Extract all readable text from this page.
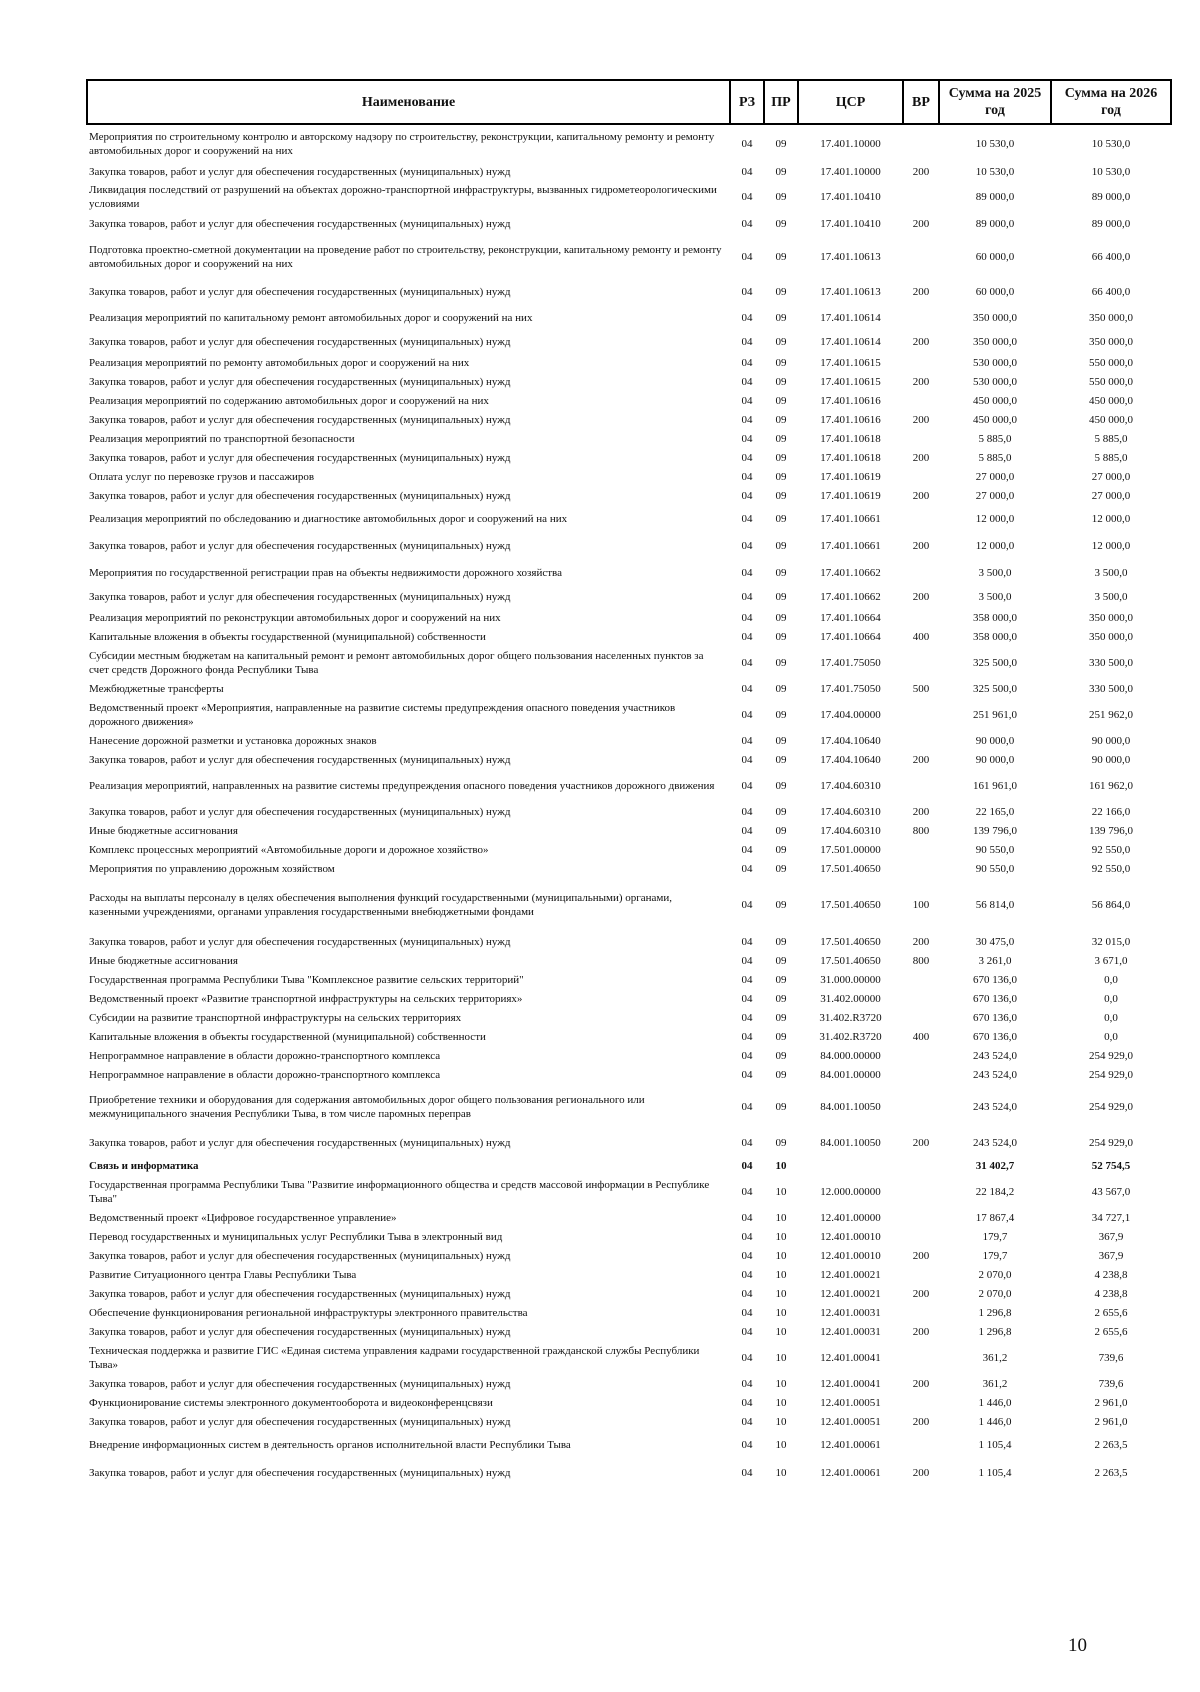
Наименование	РЗ	ПР	ЦСР	ВР	Сумма на 2025 год	Сумма на 2026 год
Мероприятия по строительному контролю и авторскому надзору по строительству, реконструкции, капитальному ремонту и ремонту автомобильных дорог и сооружений на них	04	09	17.401.10000		10 530,0	10 530,0
Закупка товаров, работ и услуг для обеспечения государственных (муниципальных) нужд	04	09	17.401.10000	200	10 530,0	10 530,0
Ликвидация последствий от разрушений на объектах дорожно-транспортной инфраструктуры, вызванных гидрометеорологическими условиями	04	09	17.401.10410		89 000,0	89 000,0
Закупка товаров, работ и услуг для обеспечения государственных (муниципальных) нужд	04	09	17.401.10410	200	89 000,0	89 000,0
Подготовка проектно-сметной документации на проведение работ по строительству, реконструкции, капитальному ремонту и ремонту автомобильных дорог и сооружений на них	04	09	17.401.10613		60 000,0	66 400,0
Закупка товаров, работ и услуг для обеспечения государственных (муниципальных) нужд	04	09	17.401.10613	200	60 000,0	66 400,0
Реализация мероприятий по капитальному ремонт автомобильных дорог и сооружений на них	04	09	17.401.10614		350 000,0	350 000,0
Закупка товаров, работ и услуг для обеспечения государственных (муниципальных) нужд	04	09	17.401.10614	200	350 000,0	350 000,0
Реализация мероприятий по ремонту автомобильных дорог и сооружений на них	04	09	17.401.10615		530 000,0	550 000,0
Закупка товаров, работ и услуг для обеспечения государственных (муниципальных) нужд	04	09	17.401.10615	200	530 000,0	550 000,0
Реализация мероприятий по содержанию автомобильных дорог и сооружений на них	04	09	17.401.10616		450 000,0	450 000,0
Закупка товаров, работ и услуг для обеспечения государственных (муниципальных) нужд	04	09	17.401.10616	200	450 000,0	450 000,0
Реализация мероприятий по транспортной безопасности	04	09	17.401.10618		5 885,0	5 885,0
Закупка товаров, работ и услуг для обеспечения государственных (муниципальных) нужд	04	09	17.401.10618	200	5 885,0	5 885,0
Оплата услуг по перевозке грузов и пассажиров	04	09	17.401.10619		27 000,0	27 000,0
Закупка товаров, работ и услуг для обеспечения государственных (муниципальных) нужд	04	09	17.401.10619	200	27 000,0	27 000,0
Реализация мероприятий по обследованию и диагностике автомобильных дорог и сооружений на них	04	09	17.401.10661		12 000,0	12 000,0
Закупка товаров, работ и услуг для обеспечения государственных (муниципальных) нужд	04	09	17.401.10661	200	12 000,0	12 000,0
Мероприятия по государственной регистрации прав на объекты недвижимости дорожного хозяйства	04	09	17.401.10662		3 500,0	3 500,0
Закупка товаров, работ и услуг для обеспечения государственных (муниципальных) нужд	04	09	17.401.10662	200	3 500,0	3 500,0
Реализация мероприятий по реконструкции автомобильных дорог и сооружений на них	04	09	17.401.10664		358 000,0	350 000,0
Капитальные вложения в объекты государственной (муниципальной) собственности	04	09	17.401.10664	400	358 000,0	350 000,0
Субсидии местным бюджетам на капитальный ремонт и ремонт автомобильных дорог общего пользования населенных пунктов за счет средств Дорожного фонда Республики Тыва	04	09	17.401.75050		325 500,0	330 500,0
Межбюджетные трансферты	04	09	17.401.75050	500	325 500,0	330 500,0
Ведомственный проект «Мероприятия, направленные на развитие системы предупреждения опасного поведения участников дорожного движения»	04	09	17.404.00000		251 961,0	251 962,0
Нанесение дорожной разметки и установка дорожных знаков	04	09	17.404.10640		90 000,0	90 000,0
Закупка товаров, работ и услуг для обеспечения государственных (муниципальных) нужд	04	09	17.404.10640	200	90 000,0	90 000,0
Реализация мероприятий, направленных на развитие системы предупреждения опасного поведения участников дорожного движения	04	09	17.404.60310		161 961,0	161 962,0
Закупка товаров, работ и услуг для обеспечения государственных (муниципальных) нужд	04	09	17.404.60310	200	22 165,0	22 166,0
Иные бюджетные ассигнования	04	09	17.404.60310	800	139 796,0	139 796,0
Комплекс процессных мероприятий «Автомобильные дороги и дорожное хозяйство»	04	09	17.501.00000		90 550,0	92 550,0
Мероприятия по управлению дорожным хозяйством	04	09	17.501.40650		90 550,0	92 550,0
Расходы на выплаты персоналу в целях обеспечения выполнения функций государственными (муниципальными) органами, казенными учреждениями, органами управления государственными внебюджетными фондами	04	09	17.501.40650	100	56 814,0	56 864,0
Закупка товаров, работ и услуг для обеспечения государственных (муниципальных) нужд	04	09	17.501.40650	200	30 475,0	32 015,0
Иные бюджетные ассигнования	04	09	17.501.40650	800	3 261,0	3 671,0
Государственная программа Республики Тыва "Комплексное развитие сельских территорий"	04	09	31.000.00000		670 136,0	0,0
Ведомственный проект «Развитие транспортной инфраструктуры на сельских территориях»	04	09	31.402.00000		670 136,0	0,0
Субсидии на развитие транспортной инфраструктуры на сельских территориях	04	09	31.402.R3720		670 136,0	0,0
Капитальные вложения в объекты государственной (муниципальной) собственности	04	09	31.402.R3720	400	670 136,0	0,0
Непрограммное направление в области дорожно-транспортного комплекса	04	09	84.000.00000		243 524,0	254 929,0
Непрограммное направление в области дорожно-транспортного комплекса	04	09	84.001.00000		243 524,0	254 929,0
Приобретение техники и оборудования для содержания автомобильных дорог общего пользования регионального или межмуниципального значения Республики Тыва, в том числе паромных переправ	04	09	84.001.10050		243 524,0	254 929,0
Закупка товаров, работ и услуг для обеспечения государственных (муниципальных) нужд	04	09	84.001.10050	200	243 524,0	254 929,0
Связь и информатика	04	10			31 402,7	52 754,5
Государственная программа Республики Тыва "Развитие информационного общества и средств массовой информации в Республике Тыва"	04	10	12.000.00000		22 184,2	43 567,0
Ведомственный проект «Цифровое государственное управление»	04	10	12.401.00000		17 867,4	34 727,1
Перевод государственных и муниципальных услуг Республики Тыва в электронный вид	04	10	12.401.00010		179,7	367,9
Закупка товаров, работ и услуг для обеспечения государственных (муниципальных) нужд	04	10	12.401.00010	200	179,7	367,9
Развитие Ситуационного центра Главы Республики Тыва	04	10	12.401.00021		2 070,0	4 238,8
Закупка товаров, работ и услуг для обеспечения государственных (муниципальных) нужд	04	10	12.401.00021	200	2 070,0	4 238,8
Обеспечение функционирования региональной инфраструктуры электронного правительства	04	10	12.401.00031		1 296,8	2 655,6
Закупка товаров, работ и услуг для обеспечения государственных (муниципальных) нужд	04	10	12.401.00031	200	1 296,8	2 655,6
Техническая поддержка и развитие ГИС «Единая система управления кадрами государственной гражданской службы Республики Тыва»	04	10	12.401.00041		361,2	739,6
Закупка товаров, работ и услуг для обеспечения государственных (муниципальных) нужд	04	10	12.401.00041	200	361,2	739,6
Функционирование системы электронного документооборота и видеоконференцсвязи	04	10	12.401.00051		1 446,0	2 961,0
Закупка товаров, работ и услуг для обеспечения государственных (муниципальных) нужд	04	10	12.401.00051	200	1 446,0	2 961,0
Внедрение информационных систем в деятельность органов исполнительной власти Республики Тыва	04	10	12.401.00061		1 105,4	2 263,5
Закупка товаров, работ и услуг для обеспечения государственных (муниципальных) нужд	04	10	12.401.00061	200	1 105,4	2 263,5
10
